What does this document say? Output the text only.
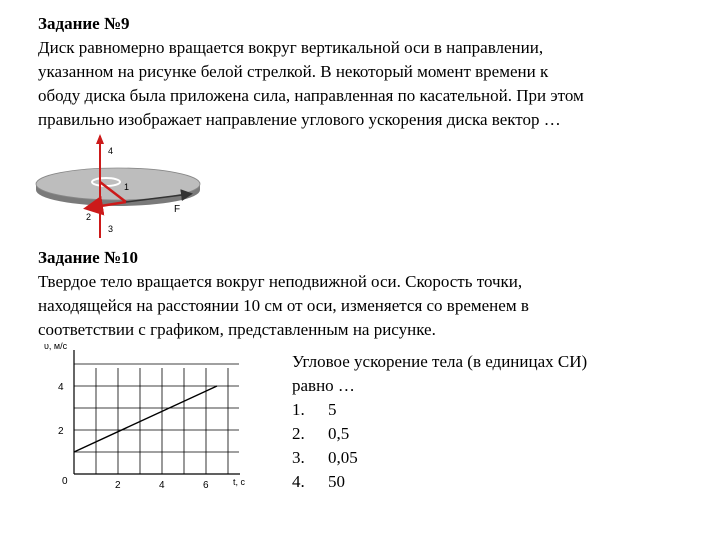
Задание №9
Диск равномерно вращается вокруг вертикальной оси в направлении,
указанном на рисунке белой стрелкой. В некоторый момент времени к
ободу диска была приложена сила, направленная по касательной. При этом
правильно изображает направление углового ускорения диска вектор …
4
1
2
3
F
Задание №10
Твердое тело вращается вокруг неподвижной оси. Скорость точки,
находящейся на расстоянии 10 см от оси, изменяется со временем в
соответствии с графиком, представленным на рисунке.
υ, м/с
t, c
2	4	6
0
2
4
Угловое ускорение тела (в единицах СИ)
равно …
1.	5
2.	0,5
3.	0,05
4.	50
